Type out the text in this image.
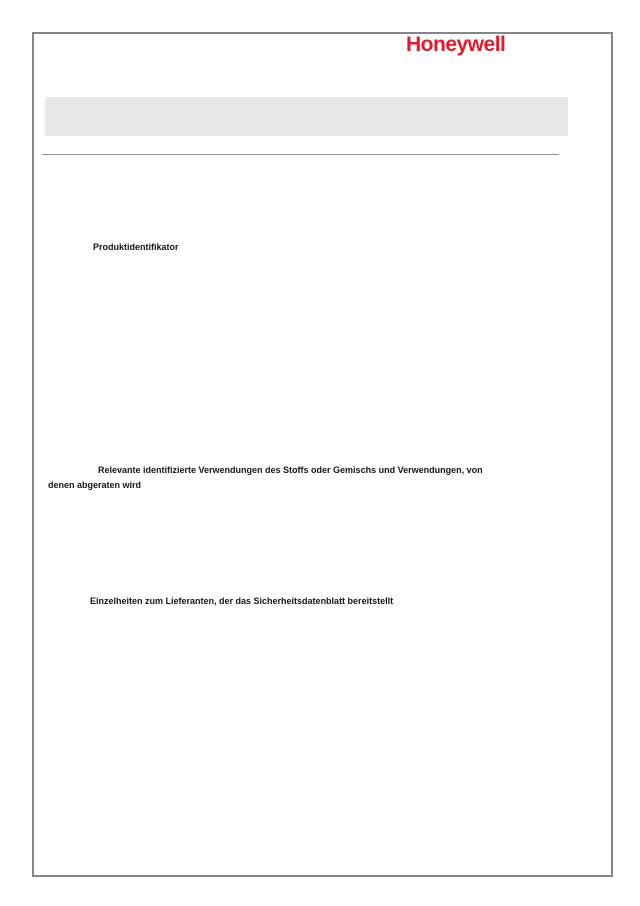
Honeywell
Produktidentifikator
Relevante identifizierte Verwendungen des Stoffs oder Gemischs und Verwendungen, von
denen abgeraten wird
Einzelheiten zum Lieferanten, der das Sicherheitsdatenblatt bereitstellt
